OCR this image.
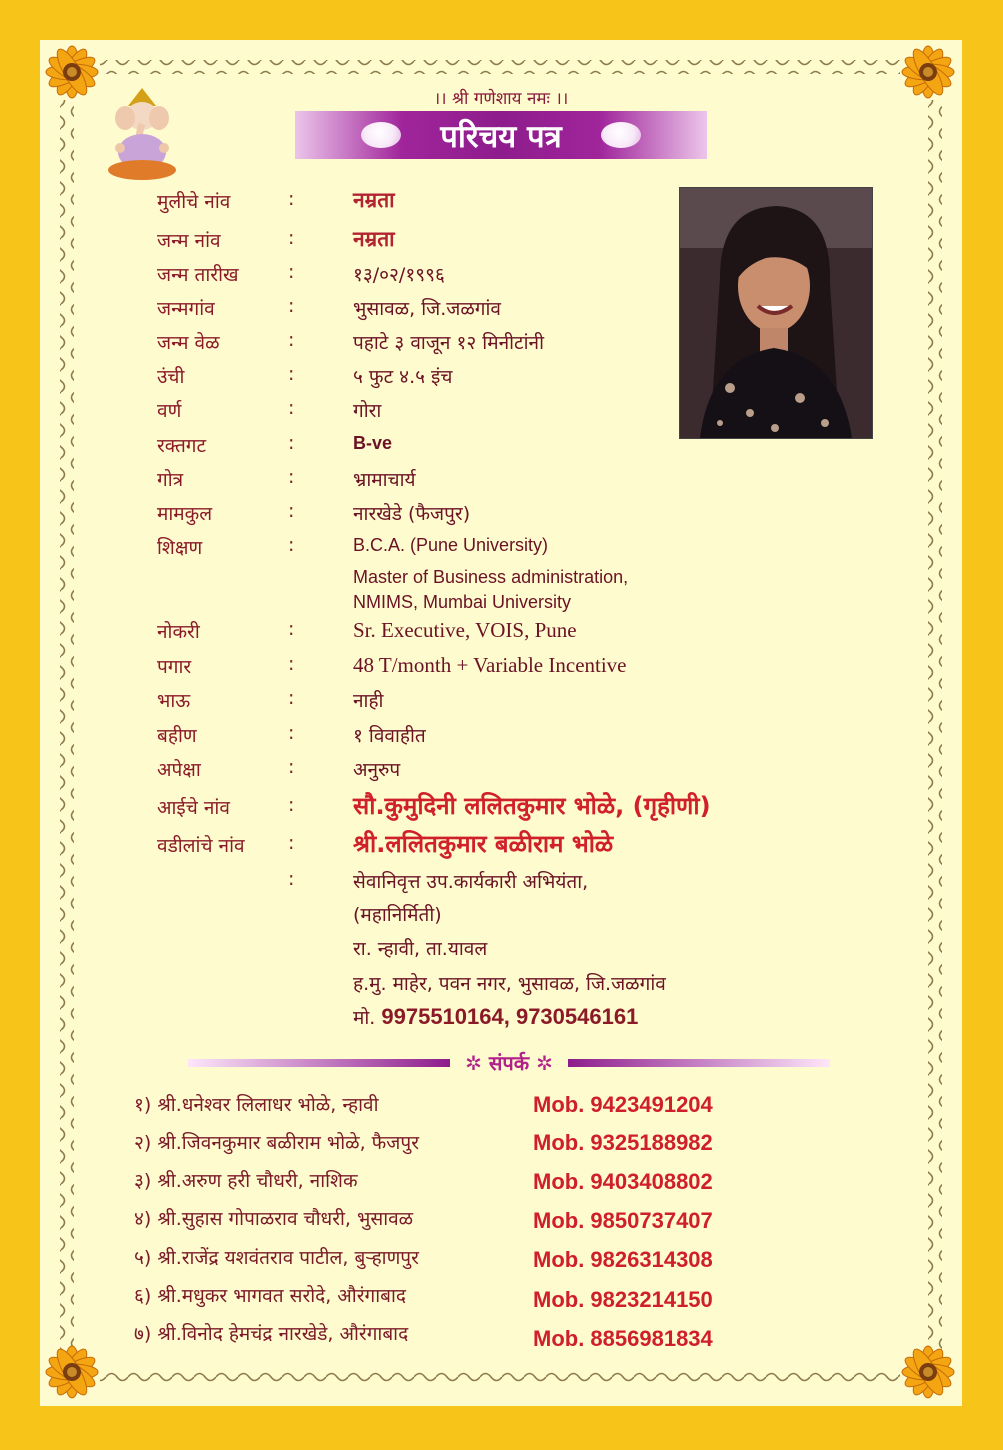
।। श्री गणेशाय नमः ।।
परिचय पत्र
मुलीचे नांव	:	नम्रता
जन्म नांव	:	नम्रता
जन्म तारीख	:	१३/०२/१९९६
जन्मगांव	:	भुसावळ, जि.जळगांव
जन्म वेळ	:	पहाटे ३ वाजून १२ मिनीटांनी
उंची	:	५ फुट ४.५ इंच
वर्ण	:	गोरा
रक्तगट	:	B-ve
गोत्र	:	भ्रामाचार्य
मामकुल	:	नारखेडे (फैजपुर)
शिक्षण	:	B.C.A. (Pune University)
Master of Business administration,
NMIMS, Mumbai University
नोकरी	:	Sr. Executive, VOIS, Pune
पगार	:	48 T/month + Variable Incentive
भाऊ	:	नाही
बहीण	:	१ विवाहीत
अपेक्षा	:	अनुरुप
आईचे नांव	: सौ.कुमुदिनी ललितकुमार भोळे, (गृहीणी)
वडीलांचे नांव : श्री.ललितकुमार बळीराम भोळे
:	सेवानिवृत्त उप.कार्यकारी अभियंता,
(महानिर्मिती)
रा. न्हावी, ता.यावल
ह.मु. माहेर, पवन नगर, भुसावळ, जि.जळगांव
मो. 9975510164, 9730546161
✲ संपर्क ✲
१) श्री.धनेश्वर लिलाधर भोळे, न्हावी	Mob. 9423491204
२) श्री.जिवनकुमार बळीराम भोळे, फैजपुर	Mob. 9325188982
३) श्री.अरुण हरी चौधरी, नाशिक	Mob. 9403408802
४) श्री.सुहास गोपाळराव चौधरी, भुसावळ	Mob. 9850737407
५) श्री.राजेंद्र यशवंतराव पाटील, बुऱ्हाणपुर	Mob. 9826314308
६) श्री.मधुकर भागवत सरोदे, औरंगाबाद	Mob. 9823214150
७) श्री.विनोद हेमचंद्र नारखेडे, औरंगाबाद	Mob. 8856981834
